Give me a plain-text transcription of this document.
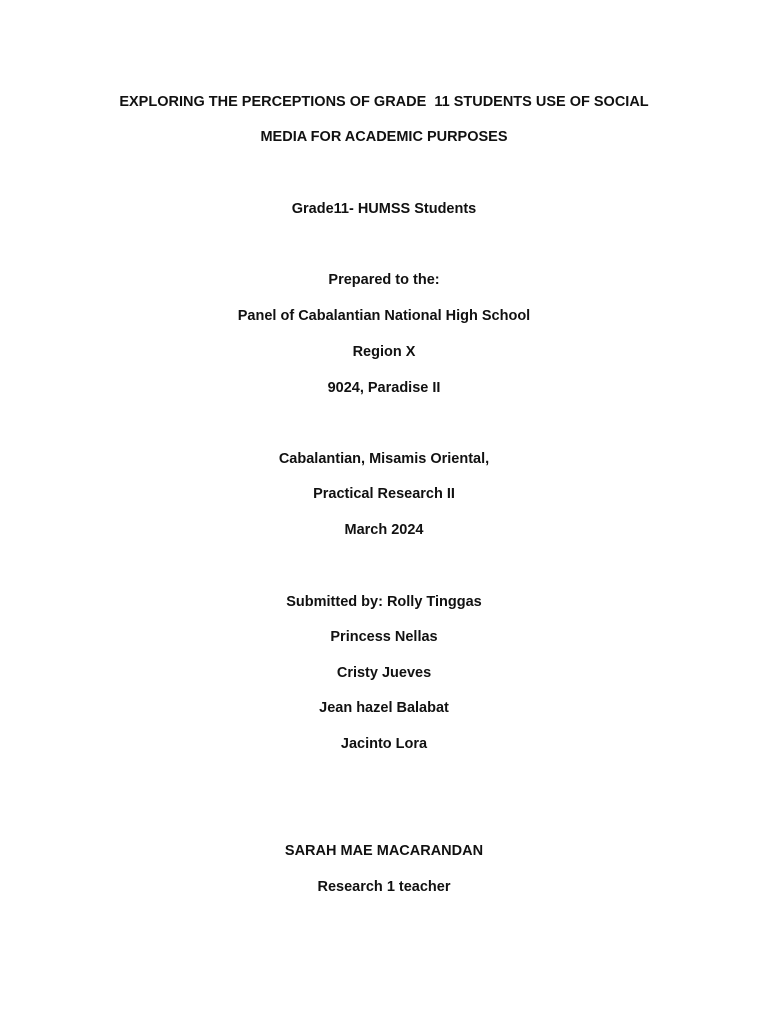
EXPLORING THE PERCEPTIONS OF GRADE  11 STUDENTS USE OF SOCIAL
MEDIA FOR ACADEMIC PURPOSES
Grade11- HUMSS Students
Prepared to the:
Panel of Cabalantian National High School
Region X
9024, Paradise II
Cabalantian, Misamis Oriental,
Practical Research II
March 2024
Submitted by: Rolly Tinggas
Princess Nellas
Cristy Jueves
Jean hazel Balabat
Jacinto Lora
SARAH MAE MACARANDAN
Research 1 teacher
